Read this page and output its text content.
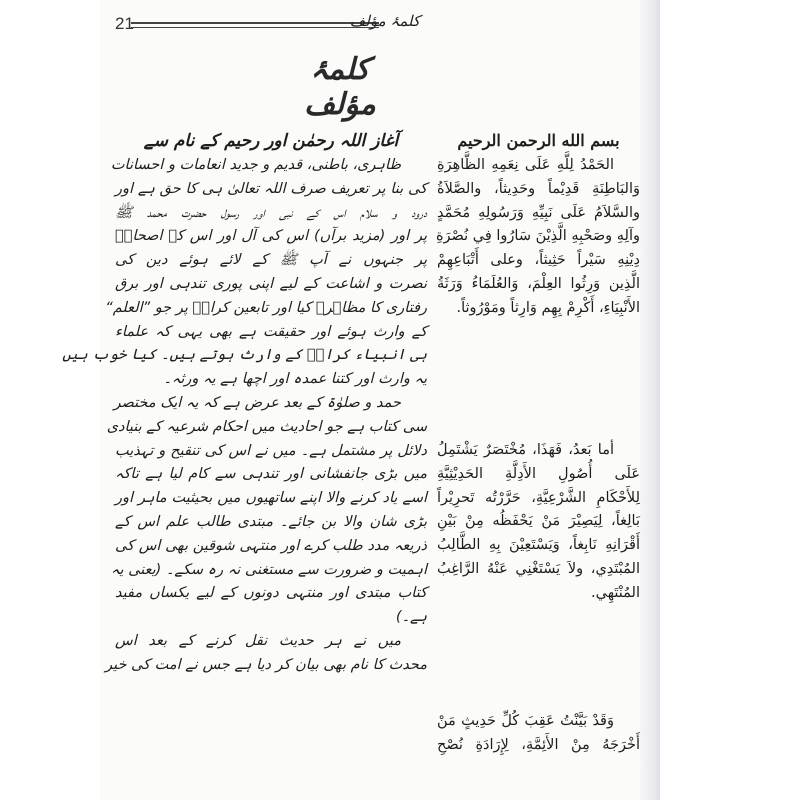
21	کلمۂ مؤلف
کلمۂ مؤلف
آغاز اللہ رحمٰن اور رحیم کے نام سے
ظاہری، باطنی، قدیم و جدید انعامات و احسانات
کی بنا پر تعریف صرف اللہ تعالیٰ ہی کا حق ہے اور
درود و سلام اس کے نبی اور رسول حضرت محمد ﷺ
پر اور (مزید برآں) اس کی آل اور اس کے اصحابؓ
پر جنہوں نے آپ ﷺ کے لائے ہوئے دین کی
نصرت و اشاعت کے لیے اپنی پوری تندہی اور برق
رفتاری کا مظاہرہ کیا اور تابعین کرامؒ پر جو ”العلم“
کے وارث ہوئے اور حقیقت ہے بھی یہی کہ علماء
ہی انبیاء کرامؑ کے وارث ہوتے ہیں۔ کیا خوب ہیں
یہ وارث اور کتنا عمدہ اور اچھا ہے یہ ورثہ۔
حمد و صلوٰۃ کے بعد عرض ہے کہ یہ ایک مختصر
سی کتاب ہے جو احادیث میں احکام شرعیہ کے بنیادی
دلائل پر مشتمل ہے۔ میں نے اس کی تنقیح و تہذیب
میں بڑی جانفشانی اور تندہی سے کام لیا ہے تاکہ
اسے یاد کرنے والا اپنے ساتھیوں میں بحیثیت ماہر اور
بڑی شان والا بن جائے۔ مبتدی طالب علم اس کے
ذریعہ مدد طلب کرے اور منتہی شوقین بھی اس کی
اہمیت و ضرورت سے مستغنی نہ رہ سکے۔ (یعنی یہ
کتاب مبتدی اور منتہی دونوں کے لیے یکساں مفید
ہے۔)
میں نے ہر حدیث نقل کرنے کے بعد اس
محدث کا نام بھی بیان کر دیا ہے جس نے امت کی خیر
بسم الله الرحمن الرحيم
الحَمْدُ لِلَّهِ عَلَى نِعَمِهِ الظَّاهِرَةِ
وَالبَاطِنَةِ قَدِيْماً وحَدِيثاً، والصَّلاَةُ
والسَّلاَمُ عَلَى نَبِيِّهِ وَرَسُولِهِ مُحَمَّدٍ
وآلِهِ وصَحْبِهِ الَّذِيْنَ سَارُوا فِي نُصْرَةِ
دِيْنِهِ سَيْراً حَثِيثاً، وعلى أَتْبَاعِهِمْ
الَّذِين وَرِثُوا العِلْمَ، وَالعُلَمَاءُ وَرَثَةُ
الأَنْبِيَاءِ، أَكْرِمْ بِهِم وَارِثاً ومَوْرُوثاً.
أما بَعدُ، فَهَذَا، مُخْتَصَرٌ يَشْتَمِلُ
عَلَى أُصُولِ الأَدِلَّةِ الحَدِيْثِيَّةِ
لِلأَحْكَامِ الشَّرْعِيَّةِ، حَرَّرْتُه تَحرِيْراً
بَالِغاً، لِيَصِيْرَ مَنْ يَحْفَظُه مِنْ بَيْنِ
أَقْرَانِهِ نَابِغاً، وَيَسْتَعِيْنَ بِهِ الطَّالِبُ
المُبْتَدِي، ولاَ يَسْتَغْنِي عَنْهُ الرَّاغِبُ
المُنْتَهِي.
وَقَدْ بَيَّنْتُ عَقِبَ كُلِّ حَدِيثٍ مَنْ
أَخْرَجَهُ مِنْ الأَئِمَّةِ، لِإِرَادَةِ نُصْحِ
